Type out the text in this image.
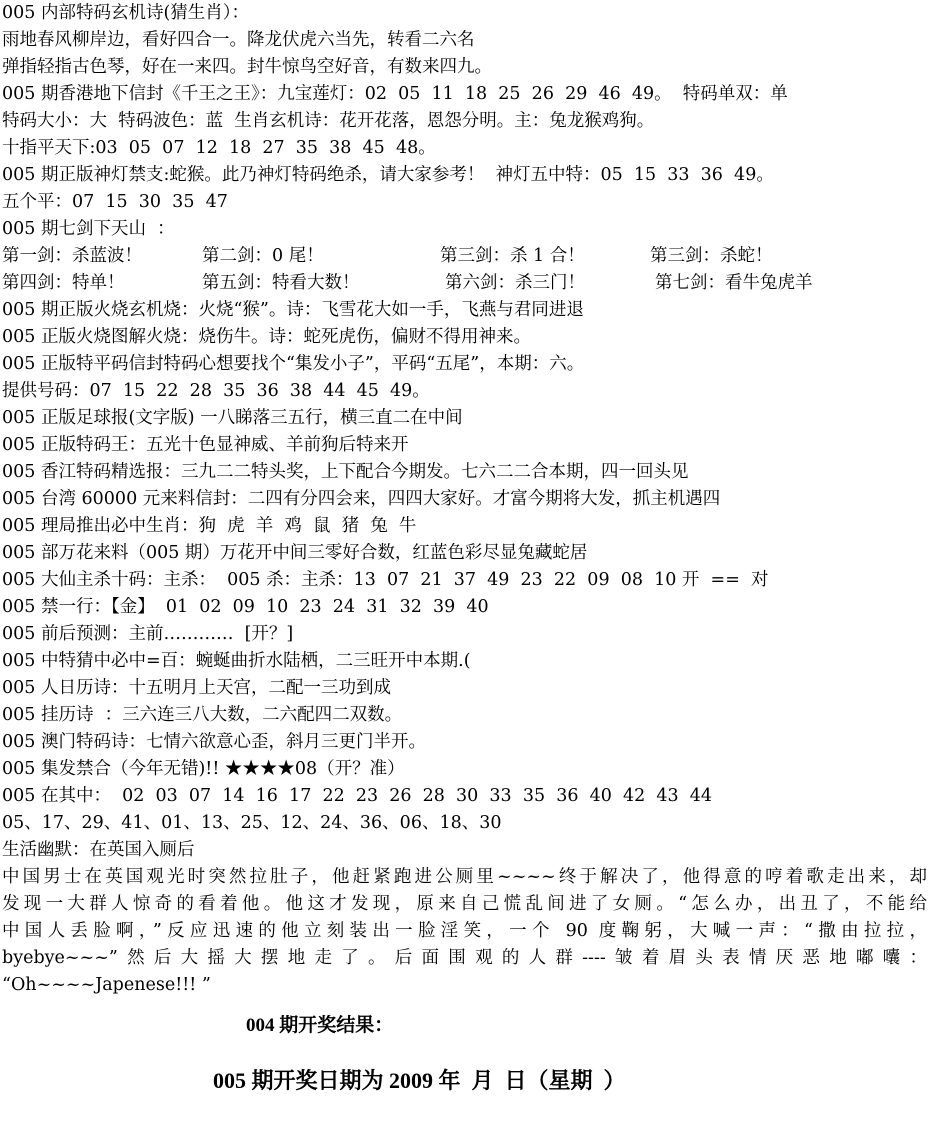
005 内部特码玄机诗(猜生肖）：
雨地春风柳岸边，看好四合一。降龙伏虎六当先，转看二六名
弹指轻指古色琴，好在一来四。封牛惊鸟空好音，有数来四九。
005 期香港地下信封《千王之王》：九宝莲灯：02  05  11  18  25  26  29  46  49。  特码单双：单
特码大小：大  特码波色：蓝  生肖玄机诗：花开花落，恩怨分明。主：兔龙猴鸡狗。
十指平天下:03  05  07  12  18  27  35  38  45  48。
005 期正版神灯禁支:蛇猴。此乃神灯特码绝杀，请大家参考！  神灯五中特：05  15  33  36  49。
五个平：07  15  30  35  47
005 期七剑下天山  ：
第一剑：杀蓝波！	第二剑：0 尾！	第三剑：杀 1 合！	第三剑：杀蛇！
第四剑：特单！	第五剑：特看大数！	第六剑：杀三门！	第七剑：看牛兔虎羊
005 期正版火烧玄机烧：火烧“猴”。诗：飞雪花大如一手，飞燕与君同进退
005 正版火烧图解火烧：烧伤牛。诗：蛇死虎伤，偏财不得用神来。
005 正版特平码信封特码心想要找个“集发小子”，平码“五尾”，本期：六。
提供号码：07  15  22  28  35  36  38  44  45  49。
005 正版足球报(文字版) 一八睇落三五行，横三直二在中间
005 正版特码王：五光十色显神威、羊前狗后特来开
005 香江特码精选报：三九二二特头奖，上下配合今期发。七六二二合本期，四一回头见
005 台湾 60000 元来料信封：二四有分四会来，四四大家好。才富今期将大发，抓主机遇四
005 理局推出必中生肖：狗  虎  羊  鸡  鼠  猪  兔  牛
005 部万花来料（005 期）万花开中间三零好合数，红蓝色彩尽显兔藏蛇居
005 大仙主杀十码：主杀：  005 杀：主杀：13  07  21  37  49  23  22  09  08  10 开  ==  对
005 禁一行：【金】  01  02  09  10  23  24  31  32  39  40
005 前后预测：主前…………  [开？]
005 中特猜中必中=百：蜿蜒曲折水陆栖，二三旺开中本期.(
005 人日历诗：十五明月上天宫，二配一三功到成
005 挂历诗  ：三六连三八大数，二六配四二双数。
005 澳门特码诗：七情六欲意心歪，斜月三更门半开。
005 集发禁合（今年无错)!! ★★★★08（开？准）
005 在其中：  02  03  07  14  16  17  22  23  26  28  30  33  35  36  40  42  43  44
05、17、29、41、01、13、25、12、24、36、06、18、30
生活幽默：在英国入厕后
中国男士在英国观光时突然拉肚子，他赶紧跑进公厕里~~~~终于解决了，他得意的哼着歌走出来，却
发现一大群人惊奇的看着他。他这才发现，原来自己慌乱间进了女厕。“怎么办，出丑了，不能给
中国人丢脸啊，”反应迅速的他立刻装出一脸淫笑，一个 90 度鞠躬，大喊一声：“撒由拉拉，
byebye~~~”然后大摇大摆地走了。后面围观的人群----皱着眉头表情厌恶地嘟囔：
“Oh~~~~Japenese!!! ”
004 期开奖结果：
005 期开奖日期为 2009 年  月  日（星期  ）
